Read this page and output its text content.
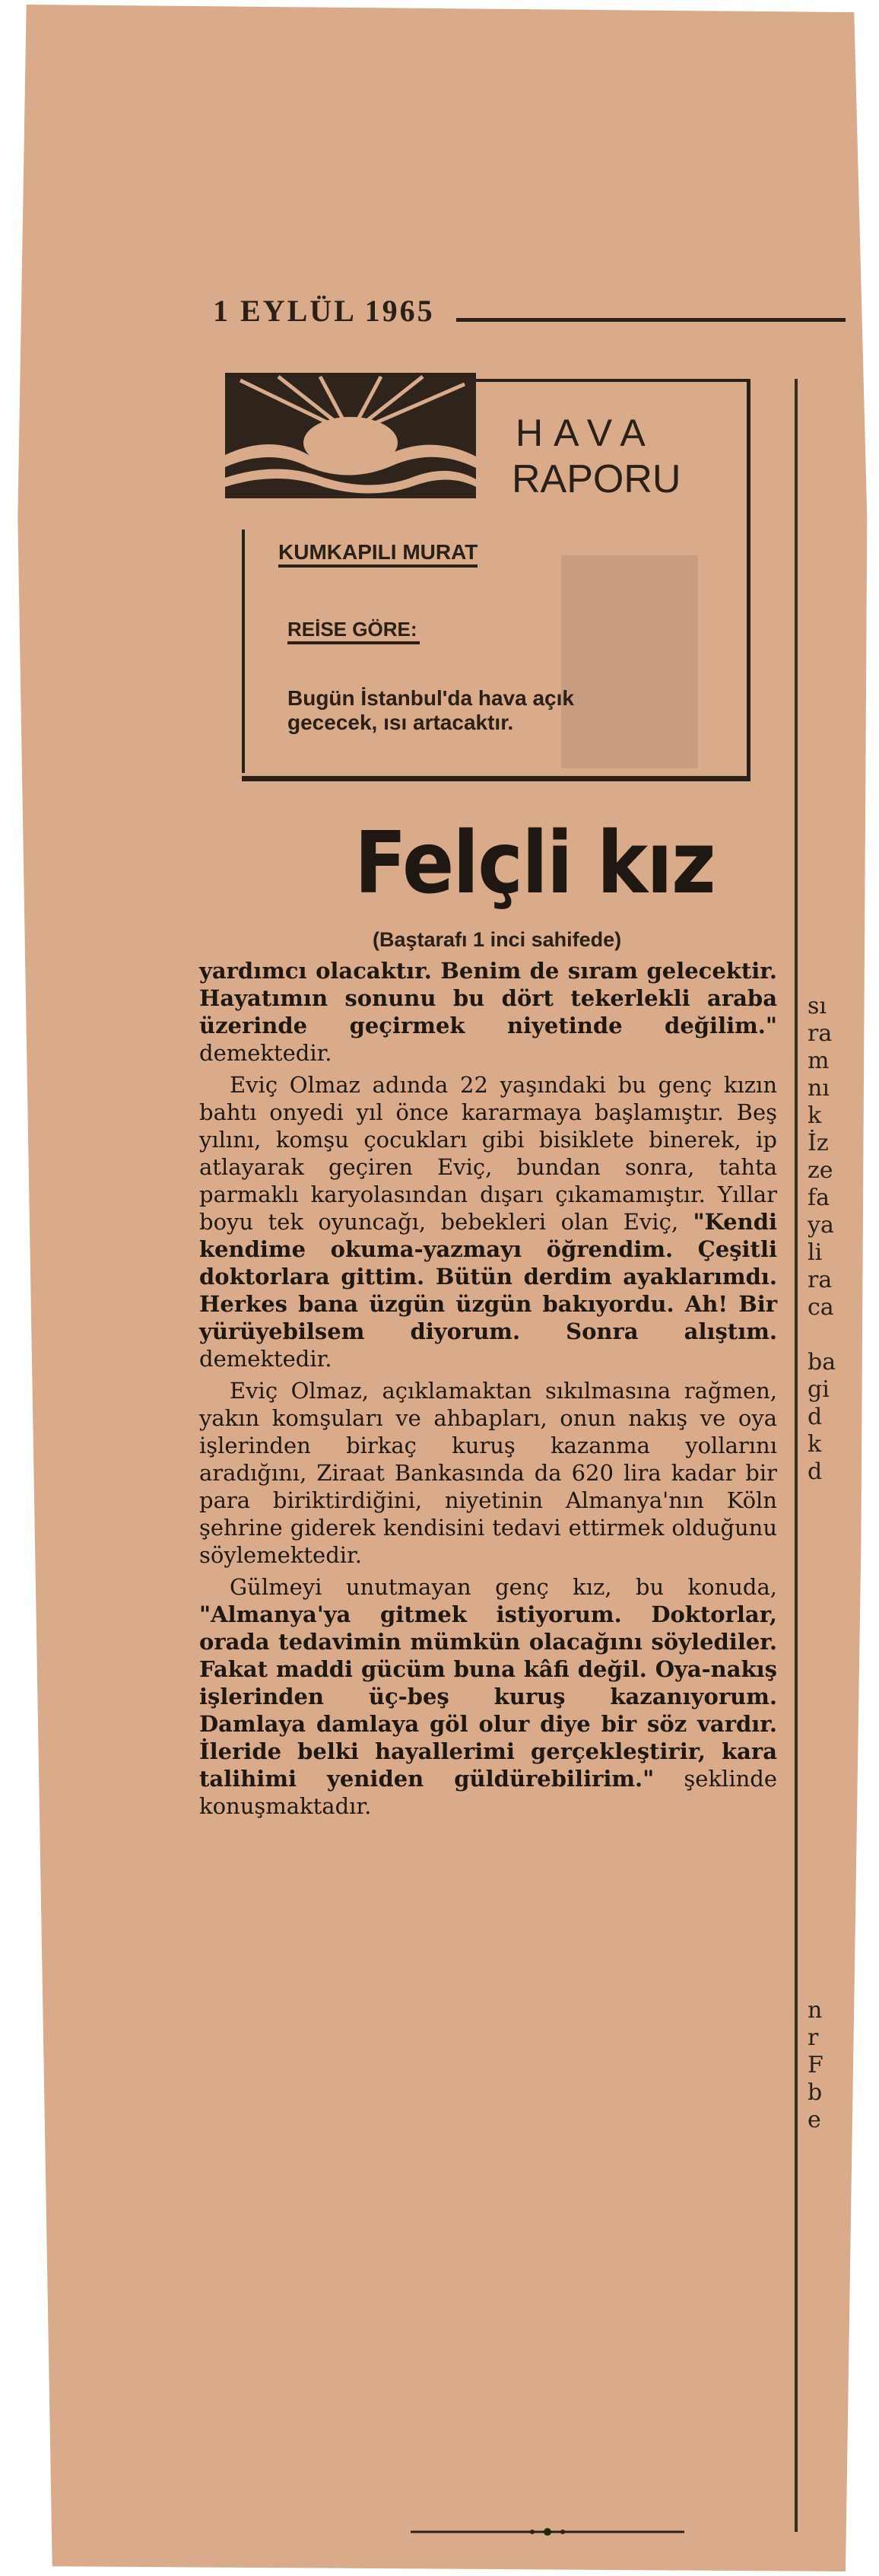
1 EYLÜL 1965
HAVA
RAPORU
KUMKAPILI MURAT
REİSE GÖRE:
Bugün İstanbul'da hava açık gececek, ısı artacaktır.
Felçli kız
(Baştarafı 1 inci sahifede)

yardımcı olacaktır. Benim de sıram gelecektir. Hayatımın sonunu bu dört tekerlekli araba üzerinde geçirmek niyetinde değilim." demektedir.

Eviç Olmaz adında 22 yaşındaki bu genç kızın bahtı onyedi yıl önce kararmaya başlamıştır. Beş yılını, komşu çocukları gibi bisiklete binerek, ip atlayarak geçiren Eviç, bundan sonra, tahta parmaklı karyolasından dışarı çıkamamıştır. Yıllar boyu tek oyuncağı, bebekleri olan Eviç, "Kendi kendime okuma-yazmayı öğrendim. Çeşitli doktorlara gittim. Bütün derdim ayaklarımdı. Herkes bana üzgün üzgün bakıyordu. Ah! Bir yürüyebilsem diyorum. Sonra alıştım. demektedir.

Eviç Olmaz, açıklamaktan sıkılmasına rağmen, yakın komşuları ve ahbapları, onun nakış ve oya işlerinden birkaç kuruş kazanma yollarını aradığını, Ziraat Bankasında da 620 lira kadar bir para biriktirdiğini, niyetinin Almanya'nın Köln şehrine giderek kendisini tedavi ettirmek olduğunu söylemektedir.

Gülmeyi unutmayan genç kız, bu konuda, "Almanya'ya gitmek istiyorum. Doktorlar, orada tedavimin mümkün olacağını söylediler. Fakat maddi gücüm buna kâfi değil. Oya-nakış işlerinden üç-beş kuruş kazanıyorum. Damlaya damlaya göl olur diye bir söz vardır. İleride belki hayallerimi gerçekleştirir, kara talihimi yeniden güldürebilirim." şeklinde konuşmaktadır.

sı
ra
m
nı
k
İz
ze
fa
ya
li
ra
ca
ba
gi
d
k
d
n
r
F
b
e
